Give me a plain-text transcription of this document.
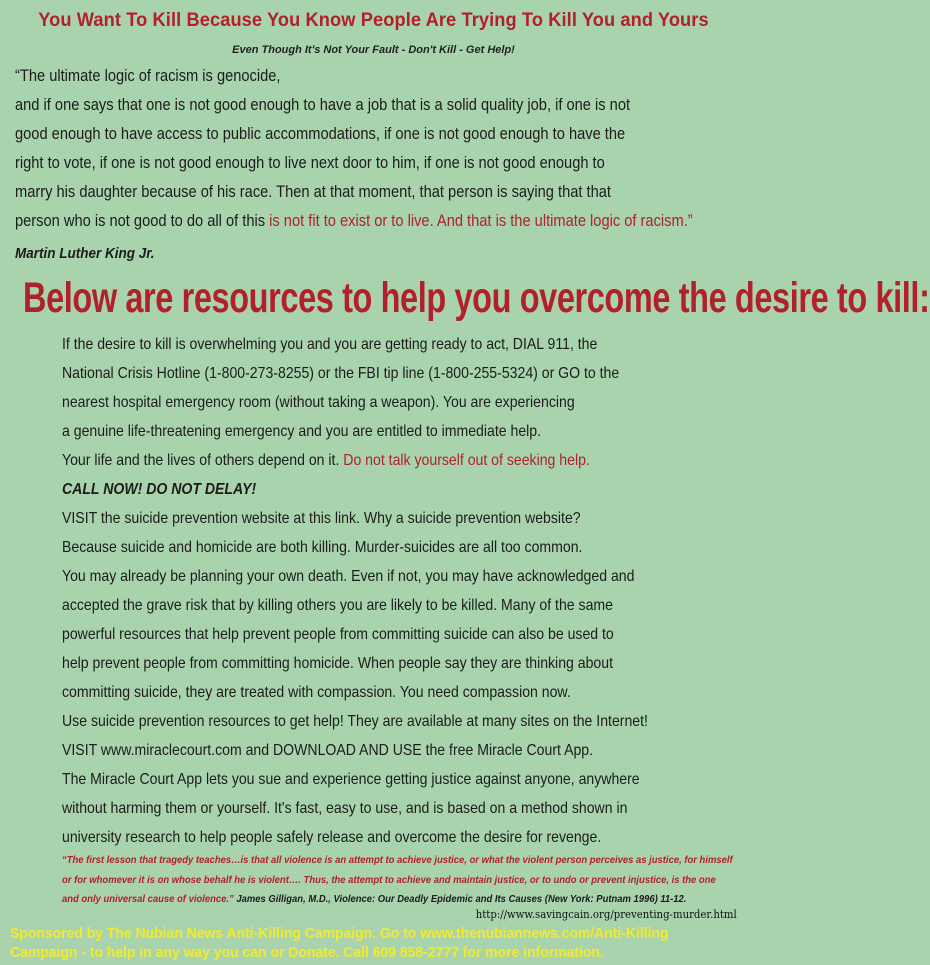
You Want To Kill Because You Know People Are Trying To Kill You and Yours
Even Though It's Not Your Fault - Don't Kill - Get Help!
“The ultimate logic of racism is genocide,
and if one says that one is not good enough to have a job that is a solid quality job, if one is not
good enough to have access to public accommodations, if one is not good enough to have the
right to vote, if one is not good enough to live next door to him, if one is not good enough to
marry his daughter because of his race. Then at that moment, that person is saying that that
person who is not good to do all of this is not fit to exist or to live. And that is the ultimate logic of racism.”
Martin Luther King Jr.
Below are resources to help you overcome the desire to kill:
If the desire to kill is overwhelming you and you are getting ready to act, DIAL 911, the
National Crisis Hotline (1-800-273-8255) or the FBI tip line (1-800-255-5324) or GO to the
nearest hospital emergency room (without taking a weapon). You are experiencing
a genuine life-threatening emergency and you are entitled to immediate help.
Your life and the lives of others depend on it. Do not talk yourself out of seeking help.
CALL NOW! DO NOT DELAY!
VISIT the suicide prevention website at this link. Why a suicide prevention website?
Because suicide and homicide are both killing. Murder-suicides are all too common.
You may already be planning your own death. Even if not, you may have acknowledged and
accepted the grave risk that by killing others you are likely to be killed. Many of the same
powerful resources that help prevent people from committing suicide can also be used to
help prevent people from committing homicide. When people say they are thinking about
committing suicide, they are treated with compassion. You need compassion now.
Use suicide prevention resources to get help! They are available at many sites on the Internet!
VISIT www.miraclecourt.com and DOWNLOAD AND USE the free Miracle Court App.
The Miracle Court App lets you sue and experience getting justice against anyone, anywhere
without harming them or yourself. It's fast, easy to use, and is based on a method shown in
university research to help people safely release and overcome the desire for revenge.
“The first lesson that tragedy teaches…is that all violence is an attempt to achieve justice, or what the violent person perceives as justice, for himself
or for whomever it is on whose behalf he is violent…. Thus, the attempt to achieve and maintain justice, or to undo or prevent injustice, is the one
and only universal cause of violence.” James Gilligan, M.D., Violence: Our Deadly Epidemic and Its Causes (New York: Putnam 1996) 11-12.
http://www.savingcain.org/preventing-murder.html
Sponsored by The Nubian News Anti-Killing Campaign. Go to www.thenubiannews.com/Anti-Killing
Campaign - to help in any way you can or Donate. Call 609 858-2777 for more information.
